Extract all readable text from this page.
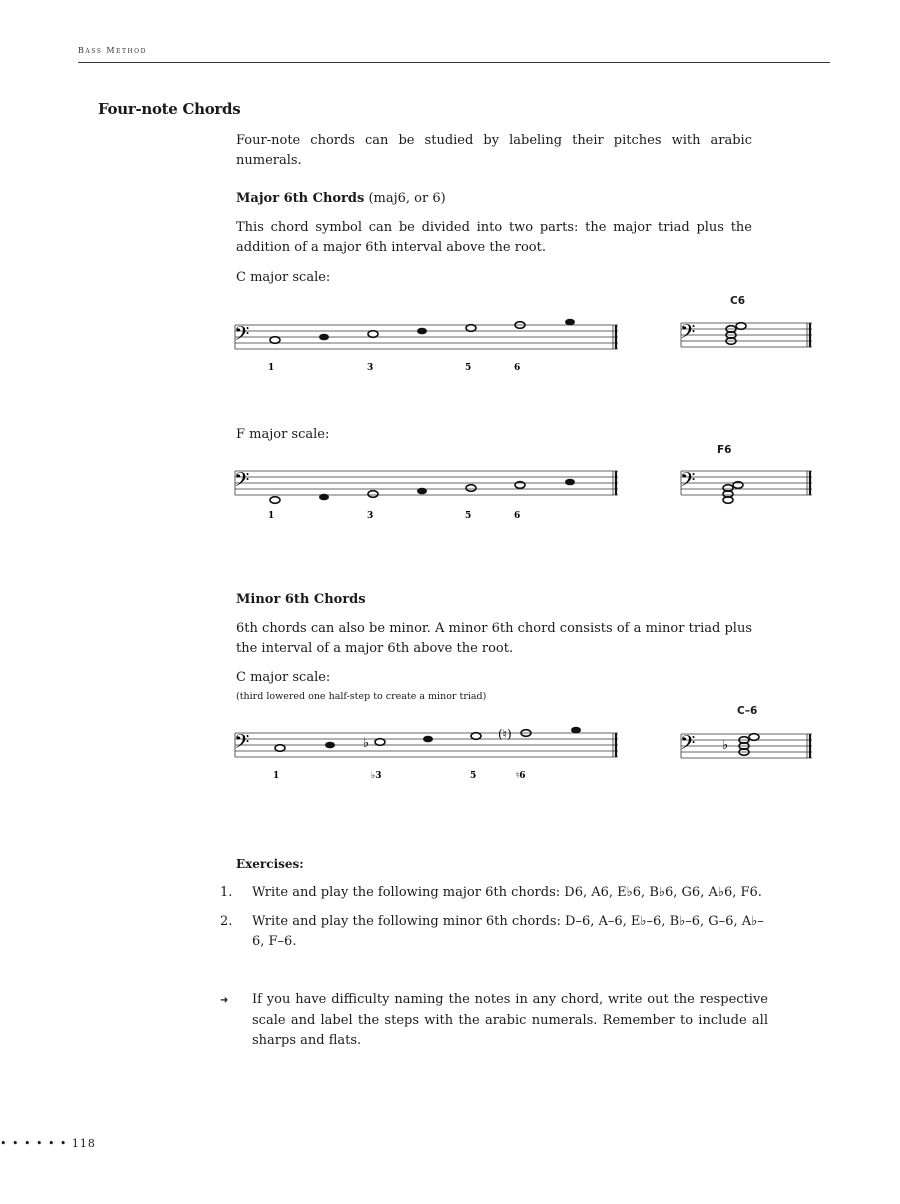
Bass Method
Four-note Chords
Four-note chords can be studied by labeling their pitches with arabic numerals.
Major 6th Chords (maj6, or 6)
This chord symbol can be divided into two parts: the major triad plus the addition of a major 6th interval above the root.
C major scale:
C6
𝄢
1	3	5	6
𝄢
F major scale:
F6
𝄢
1	3	5	6
𝄢
Minor 6th Chords
6th chords can also be minor. A minor 6th chord consists of a minor triad plus the interval of a major 6th above the root.
C major scale:
(third lowered one half-step to create a minor triad)
C–6
𝄢	♭
(♮)
1	♭3	5	♮6
𝄢 ♭
Exercises:
1. Write and play the following major 6th chords: D6, A6, E♭6, B♭6, G6, A♭6, F6.
2. Write and play the following minor 6th chords: D–6, A–6, E♭–6, B♭–6, G–6, A♭–6, F–6.
➜ If you have difficulty naming the notes in any chord, write out the respective scale and label the steps with the arabic numerals. Remember to include all sharps and flats.
• • • • • • 118
